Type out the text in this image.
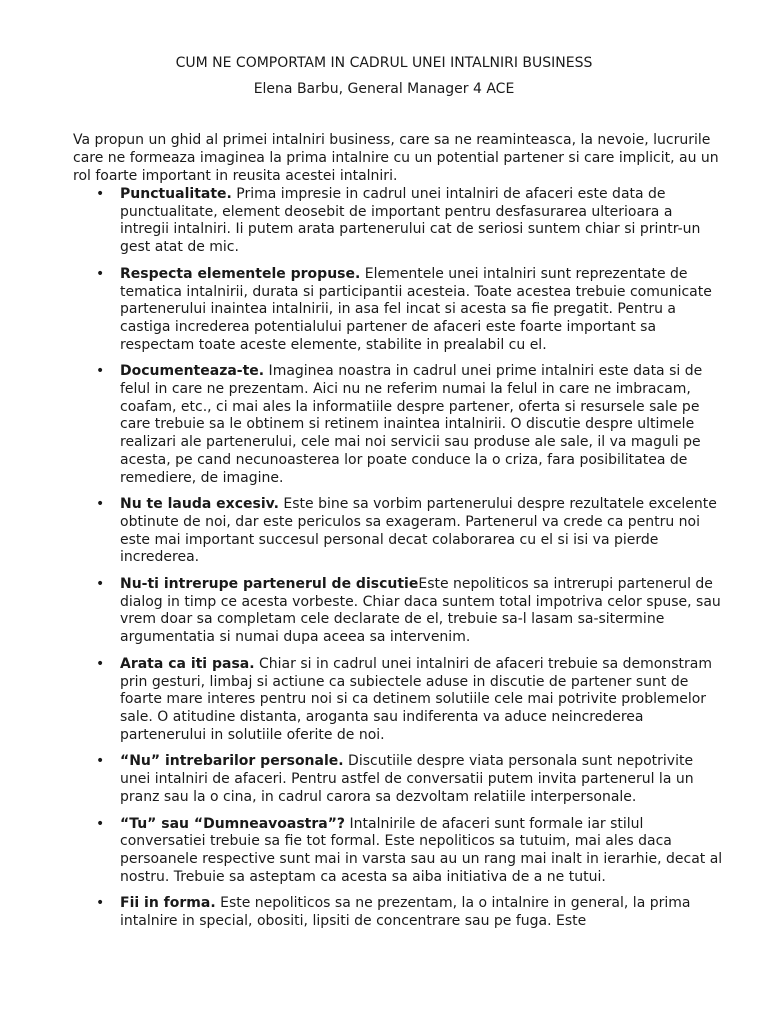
CUM NE COMPORTAM IN CADRUL UNEI INTALNIRI BUSINESS
Elena Barbu, General Manager 4 ACE

Va propun un ghid al primei intalniri business, care sa ne reaminteasca, la nevoie, lucrurile care ne formeaza imaginea la prima intalnire cu un potential partener si care implicit, au un rol foarte important in reusita acestei intalniri.

• Punctualitate. Prima impresie in cadrul unei intalniri de afaceri este data de punctualitate, element deosebit de important pentru desfasurarea ulterioara a intregii intalniri. Ii putem arata partenerului cat de seriosi suntem chiar si printr-un gest atat de mic.
• Respecta elementele propuse. Elementele unei intalniri sunt reprezentate de tematica intalnirii, durata si participantii acesteia. Toate acestea trebuie comunicate partenerului inaintea intalnirii, in asa fel incat si acesta sa fie pregatit. Pentru a castiga increderea potentialului partener de afaceri este foarte important sa respectam toate aceste elemente, stabilite in prealabil cu el.
• Documenteaza-te. Imaginea noastra in cadrul unei prime intalniri este data si de felul in care ne prezentam. Aici nu ne referim numai la felul in care ne imbracam, coafam, etc., ci mai ales la informatiile despre partener, oferta si resursele sale pe care trebuie sa le obtinem si retinem inaintea intalnirii. O discutie despre ultimele realizari ale partenerului, cele mai noi servicii sau produse ale sale, il va maguli pe acesta, pe cand necunoasterea lor poate conduce la o criza, fara posibilitatea de remediere, de imagine.
• Nu te lauda excesiv. Este bine sa vorbim partenerului despre rezultatele excelente obtinute de noi, dar este periculos sa exageram. Partenerul va crede ca pentru noi este mai important succesul personal decat colaborarea cu el si isi va pierde increderea.
• Nu-ti intrerupe partenerul de discutieEste nepoliticos sa intrerupi partenerul de dialog in timp ce acesta vorbeste. Chiar daca suntem total impotriva celor spuse, sau vrem doar sa completam cele declarate de el, trebuie sa-l lasam sa-sitermine argumentatia si numai dupa aceea sa intervenim.
• Arata ca iti pasa. Chiar si in cadrul unei intalniri de afaceri trebuie sa demonstram prin gesturi, limbaj si actiune ca subiectele aduse in discutie de partener sunt de foarte mare interes pentru noi si ca detinem solutiile cele mai potrivite problemelor sale. O atitudine distanta, aroganta sau indiferenta va aduce neincrederea partenerului in solutiile oferite de noi.
• “Nu” intrebarilor personale. Discutiile despre viata personala sunt nepotrivite unei intalniri de afaceri. Pentru astfel de conversatii putem invita partenerul la un pranz sau la o cina, in cadrul carora sa dezvoltam relatiile interpersonale.
• “Tu” sau “Dumneavoastra”? Intalnirile de afaceri sunt formale iar stilul conversatiei trebuie sa fie tot formal. Este nepoliticos sa tutuim, mai ales daca persoanele respective sunt mai in varsta sau au un rang mai inalt in ierarhie, decat al nostru. Trebuie sa asteptam ca acesta sa aiba initiativa de a ne tutui.
• Fii in forma. Este nepoliticos sa ne prezentam, la o intalnire in general, la prima intalnire in special, obositi, lipsiti de concentrare sau pe fuga. Este
